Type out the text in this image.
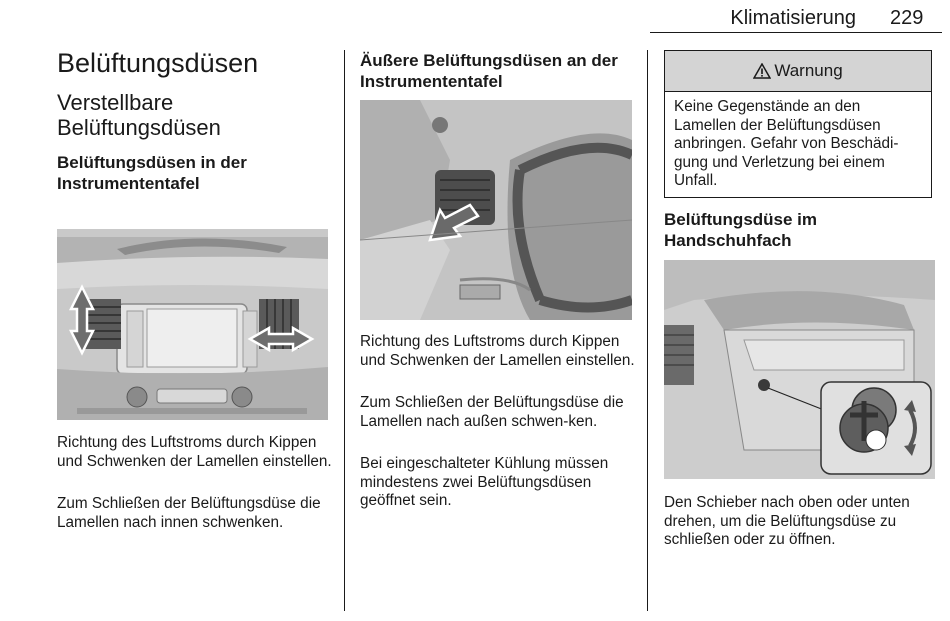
Klimatisierung 229
Belüftungsdüsen
Verstellbare Belüftungsdüsen
Belüftungsdüsen in der Instrumententafel

Richtung des Luftstroms durch Kippen und Schwenken der Lamellen einstellen.

Zum Schließen der Belüftungsdüse die Lamellen nach innen schwenken.

Äußere Belüftungsdüsen an der Instrumententafel

Richtung des Luftstroms durch Kippen und Schwenken der Lamellen einstellen.

Zum Schließen der Belüftungsdüse die Lamellen nach außen schwen-ken.

Bei eingeschalteter Kühlung müssen mindestens zwei Belüftungsdüsen geöffnet sein.

Warnung

Keine Gegenstände an den Lamellen der Belüftungsdüsen anbringen. Gefahr von Beschädi-gung und Verletzung bei einem Unfall.

Belüftungsdüse im Handschuhfach

Den Schieber nach oben oder unten drehen, um die Belüftungsdüse zu schließen oder zu öffnen.
